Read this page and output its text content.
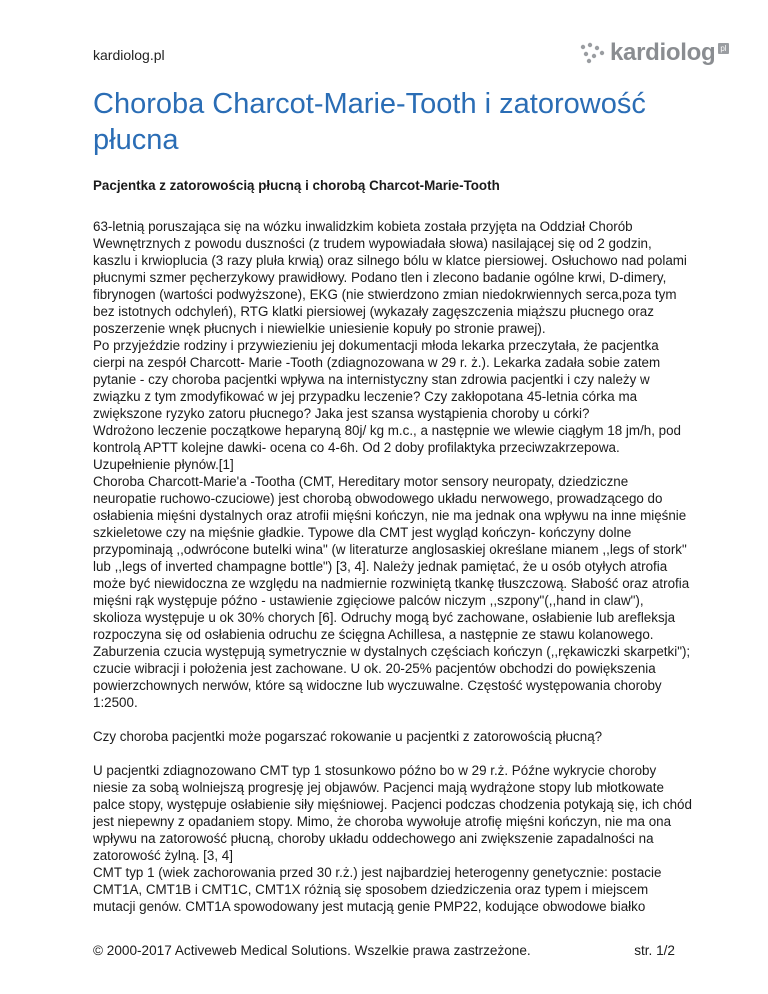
kardiolog.pl	kardiolog pl
Choroba Charcot-Marie-Tooth i zatorowość płucna
Pacjentka z zatorowością płucną i chorobą Charcot-Marie-Tooth

63-letnią poruszająca się na wózku inwalidzkim kobieta została przyjęta na Oddział Chorób Wewnętrznych z powodu duszności (z trudem wypowiadała słowa) nasilającej się od 2 godzin, kaszlu i krwioplucia (3 razy pluła krwią) oraz silnego bólu w klatce piersiowej. Osłuchowo nad polami płucnymi szmer pęcherzykowy prawidłowy. Podano tlen i zlecono badanie ogólne krwi, D-dimery, fibrynogen (wartości podwyższone), EKG (nie stwierdzono zmian niedokrwiennych serca,poza tym bez istotnych odchyleń), RTG klatki piersiowej (wykazały zagęszczenia miąższu płucnego oraz poszerzenie wnęk płucnych i niewielkie uniesienie kopuły po stronie prawej).

Po przyjeździe rodziny i przywiezieniu jej dokumentacji młoda lekarka przeczytała, że pacjentka cierpi na zespół Charcott- Marie -Tooth (zdiagnozowana w 29 r. ż.). Lekarka zadała sobie zatem pytanie - czy choroba pacjentki wpływa na internistyczny stan zdrowia pacjentki i czy należy w związku z tym zmodyfikować w jej przypadku leczenie? Czy zakłopotana 45-letnia córka ma zwiększone ryzyko zatoru płucnego? Jaka jest szansa wystąpienia choroby u córki?

Wdrożono leczenie początkowe heparyną 80j/ kg m.c., a następnie we wlewie ciągłym 18 jm/h, pod kontrolą APTT kolejne dawki- ocena co 4-6h. Od 2 doby profilaktyka przeciwzakrzepowa. Uzupełnienie płynów.[1]

Choroba Charcott-Marie'a -Tootha (CMT, Hereditary motor sensory neuropaty, dziedziczne neuropatie ruchowo-czuciowe) jest chorobą obwodowego układu nerwowego, prowadzącego do osłabienia mięśni dystalnych oraz atrofii mięśni kończyn, nie ma jednak ona wpływu na inne mięśnie szkieletowe czy na mięśnie gładkie. Typowe dla CMT jest wygląd kończyn- kończyny dolne przypominają ,,odwrócone butelki wina" (w literaturze anglosaskiej określane mianem ,,legs of stork" lub ,,legs of inverted champagne bottle") [3, 4]. Należy jednak pamiętać, że u osób otyłych atrofia może być niewidoczna ze względu na nadmiernie rozwiniętą tkankę tłuszczową. Słabość oraz atrofia mięśni rąk występuje późno - ustawienie zgięciowe palców niczym ,,szpony"(,,hand in claw"), skolioza występuje u ok 30% chorych [6]. Odruchy mogą być zachowane, osłabienie lub arefleksja rozpoczyna się od osłabienia odruchu ze ścięgna Achillesa, a następnie ze stawu kolanowego. Zaburzenia czucia występują symetrycznie w dystalnych częściach kończyn (,,rękawiczki skarpetki"); czucie wibracji i położenia jest zachowane. U ok. 20-25% pacjentów obchodzi do powiększenia powierzchownych nerwów, które są widoczne lub wyczuwalne. Częstość występowania choroby 1:2500.

Czy choroba pacjentki może pogarszać rokowanie u pacjentki z zatorowością płucną?

U pacjentki zdiagnozowano CMT typ 1 stosunkowo późno bo w 29 r.ż. Późne wykrycie choroby niesie za sobą wolniejszą progresję jej objawów. Pacjenci mają wydrążone stopy lub młotkowate palce stopy, występuje osłabienie siły mięśniowej. Pacjenci podczas chodzenia potykają się, ich chód jest niepewny z opadaniem stopy. Mimo, że choroba wywołuje atrofię mięśni kończyn, nie ma ona wpływu na zatorowość płucną, choroby układu oddechowego ani zwiększenie zapadalności na zatorowość żylną. [3, 4]

CMT typ 1 (wiek zachorowania przed 30 r.ż.) jest najbardziej heterogenny genetycznie: postacie CMT1A, CMT1B i CMT1C, CMT1X różnią się sposobem dziedziczenia oraz typem i miejscem mutacji genów. CMT1A spowodowany jest mutacją genie PMP22, kodujące obwodowe białko

© 2000-2017 Activeweb Medical Solutions. Wszelkie prawa zastrzeżone.	str. 1/2
